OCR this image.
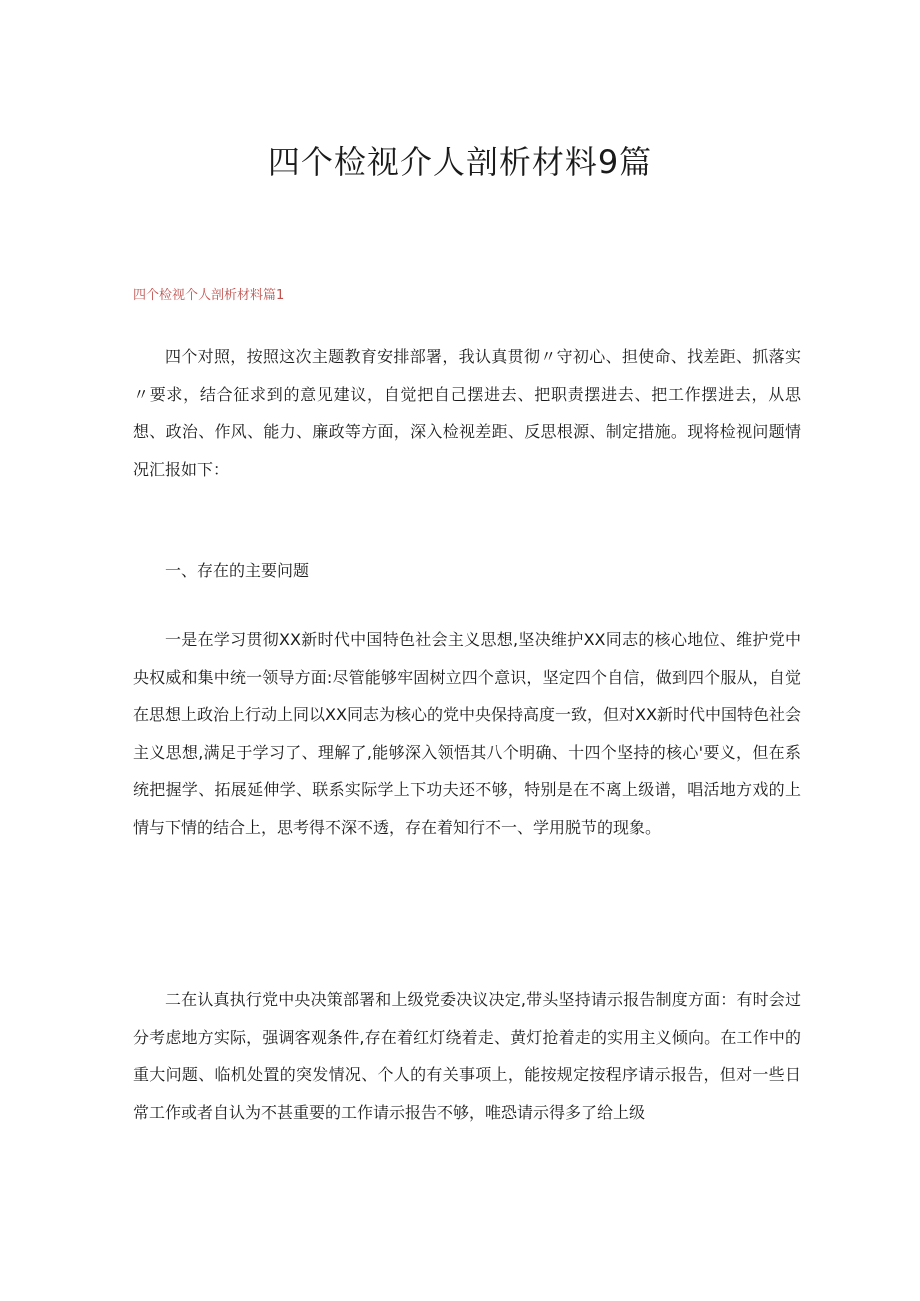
四个检视介人剖析材料9篇

四个检视个人剖析材料篇1

四个对照，按照这次主题教育安排部署，我认真贯彻〃守初心、担使命、找差距、抓落实〃要求，结合征求到的意见建议，自觉把自己摆进去、把职责摆进去、把工作摆进去，从思想、政治、作风、能力、廉政等方面，深入检视差距、反思根源、制定措施。现将检视问题情况汇报如下：

一、存在的主要问题

一是在学习贯彻XX新时代中国特色社会主义思想,坚决维护XX同志的核心地位、维护党中央权威和集中统一领导方面:尽管能够牢固树立四个意识，坚定四个自信，做到四个服从，自觉在思想上政治上行动上同以XX同志为核心的党中央保持高度一致，但对XX新时代中国特色社会主义思想,满足于学习了、理解了,能够深入领悟其八个明确、十四个坚持的核心'要义，但在系统把握学、拓展延伸学、联系实际学上下功夫还不够，特别是在不离上级谱，唱活地方戏的上情与下情的结合上，思考得不深不透，存在着知行不一、学用脱节的现象。

二在认真执行党中央决策部署和上级党委决议决定,带头坚持请示报告制度方面：有时会过分考虑地方实际，强调客观条件,存在着红灯绕着走、黄灯抢着走的实用主义倾向。在工作中的重大问题、临机处置的突发情况、个人的有关事项上，能按规定按程序请示报告，但对一些日常工作或者自认为不甚重要的工作请示报告不够，唯恐请示得多了给上级
